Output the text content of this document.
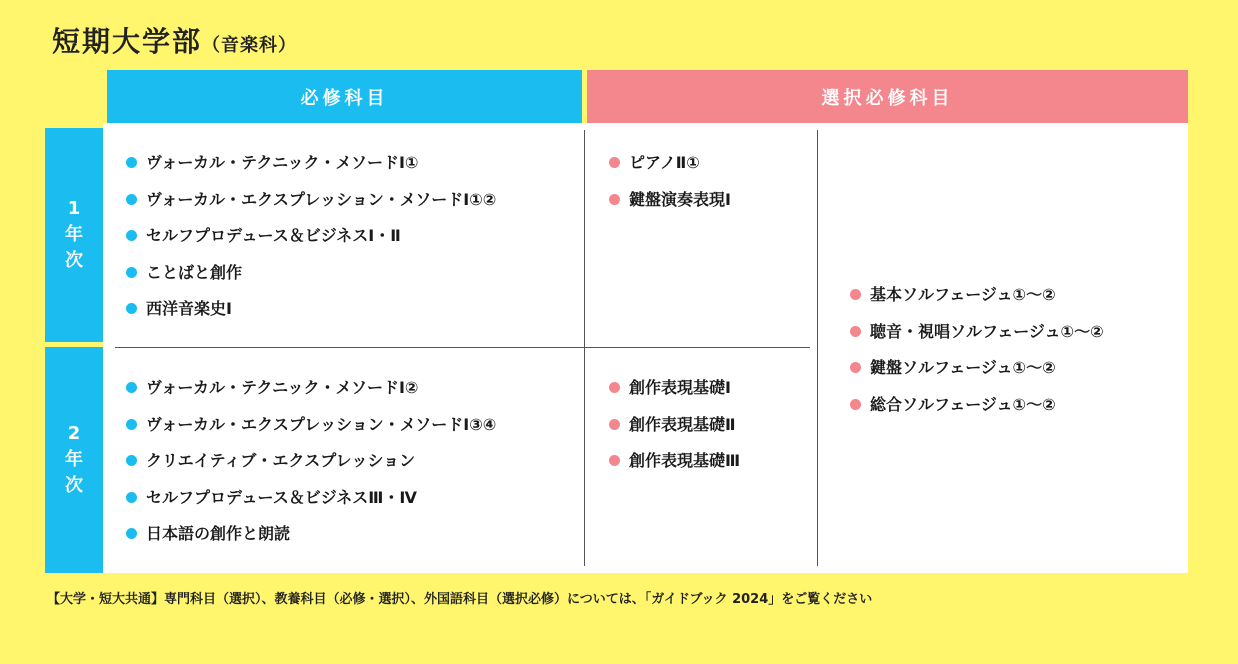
短期大学部（音楽科）
必修科目	選択必修科目
1
年
次
2
年
次
ヴォーカル・テクニック・メソードⅠ①
ヴォーカル・エクスプレッション・メソードⅠ①②
セルフプロデュース＆ビジネスⅠ・Ⅱ
ことばと創作
西洋音楽史Ⅰ
ピアノⅡ①
鍵盤演奏表現Ⅰ
ヴォーカル・テクニック・メソードⅠ②
ヴォーカル・エクスプレッション・メソードⅠ③④
クリエイティブ・エクスプレッション
セルフプロデュース＆ビジネスⅢ・Ⅳ
日本語の創作と朗読
創作表現基礎Ⅰ
創作表現基礎Ⅱ
創作表現基礎Ⅲ
基本ソルフェージュ①～②
聴音・視唱ソルフェージュ①～②
鍵盤ソルフェージュ①～②
総合ソルフェージュ①～②
【大学・短大共通】専門科目（選択）、教養科目（必修・選択）、外国語科目（選択必修）については、「ガイドブック 2024」をご覧ください
